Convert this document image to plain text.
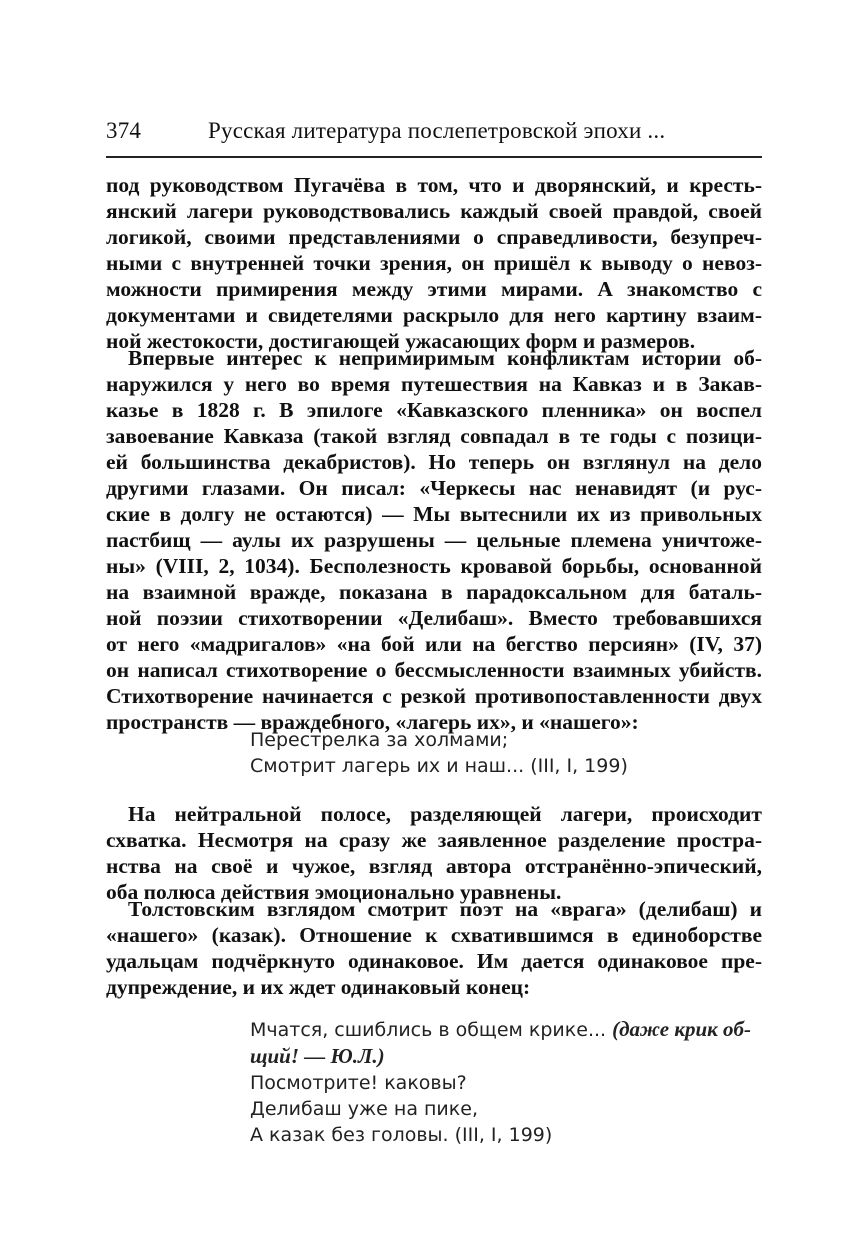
374	Русская литература послепетровской эпохи ...

под руководством Пугачёва в том, что и дворянский, и кресть-
янский лагери руководствовались каждый своей правдой, своей
логикой, своими представлениями о справедливости, безупреч-
ными с внутренней точки зрения, он пришёл к выводу о невоз-
можности примирения между этими мирами. А знакомство с
документами и свидетелями раскрыло для него картину взаим-
ной жестокости, достигающей ужасающих форм и размеров.

Впервые интерес к непримиримым конфликтам истории об-
наружился у него во время путешествия на Кавказ и в Закав-
казье в 1828 г. В эпилоге «Кавказского пленника» он воспел
завоевание Кавказа (такой взгляд совпадал в те годы с позици-
ей большинства декабристов). Но теперь он взглянул на дело
другими глазами. Он писал: «Черкесы нас ненавидят (и рус-
ские в долгу не остаются) — Мы вытеснили их из привольных
пастбищ — аулы их разрушены — цельные племена уничтоже-
ны» (VIII, 2, 1034). Бесполезность кровавой борьбы, основанной
на взаимной вражде, показана в парадоксальном для баталь-
ной поэзии стихотворении «Делибаш». Вместо требовавшихся
от него «мадригалов» «на бой или на бегство персиян» (IV, 37)
он написал стихотворение о бессмысленности взаимных убийств.
Стихотворение начинается с резкой противопоставленности двух
пространств — враждебного, «лагерь их», и «нашего»:

Перестрелка за холмами;
Смотрит лагерь их и наш... (III, I, 199)

На нейтральной полосе, разделяющей лагери, происходит
схватка. Несмотря на сразу же заявленное разделение простра-
нства на своё и чужое, взгляд автора отстранённо-эпический,
оба полюса действия эмоционально уравнены.

Толстовским взглядом смотрит поэт на «врага» (делибаш) и
«нашего» (казак). Отношение к схватившимся в единоборстве
удальцам подчёркнуто одинаковое. Им дается одинаковое пре-
дупреждение, и их ждет одинаковый конец:

Мчатся, сшиблись в общем крике... (даже крик об-
щий! — Ю.Л.)
Посмотрите! каковы?
Делибаш уже на пике,
А казак без головы. (III, I, 199)
